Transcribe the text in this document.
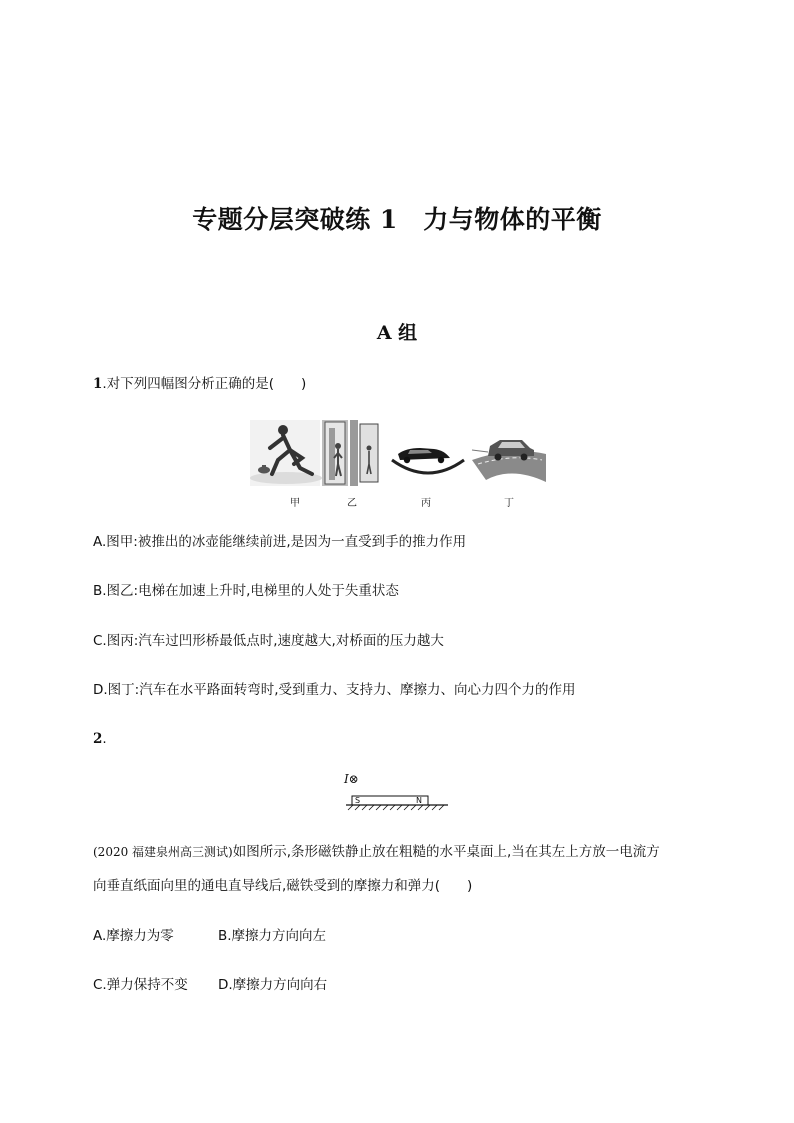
专题分层突破练 1　力与物体的平衡
A 组
1.对下列四幅图分析正确的是(　　)
甲	乙	丙	丁
A.图甲:被推出的冰壶能继续前进,是因为一直受到手的推力作用
B.图乙:电梯在加速上升时,电梯里的人处于失重状态
C.图丙:汽车过凹形桥最低点时,速度越大,对桥面的压力越大
D.图丁:汽车在水平路面转弯时,受到重力、支持力、摩擦力、向心力四个力的作用
2.
I⊗
S	N
(2020 福建泉州高三测试)如图所示,条形磁铁静止放在粗糙的水平桌面上,当在其左上方放一电流方
向垂直纸面向里的通电直导线后,磁铁受到的摩擦力和弹力(　　)
A.摩擦力为零	B.摩擦力方向向左
C.弹力保持不变 D.摩擦力方向向右
